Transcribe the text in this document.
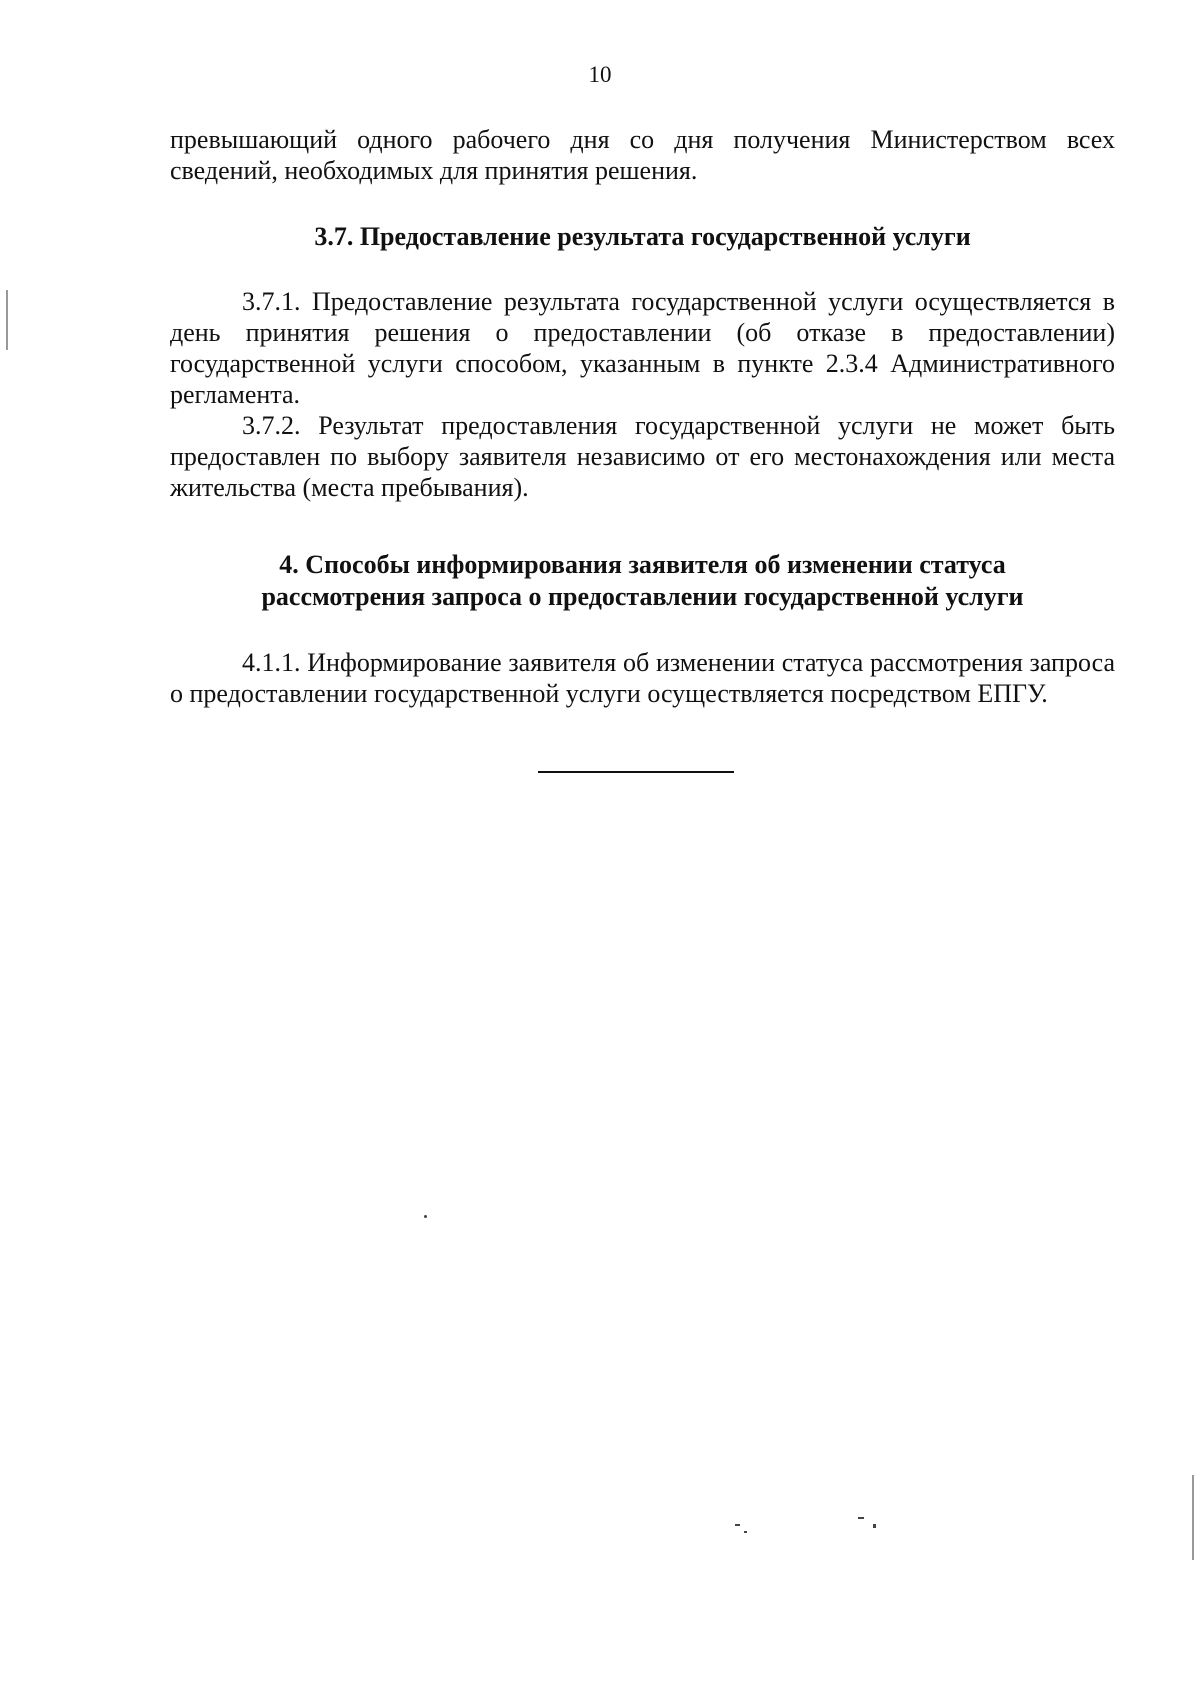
10

превышающий одного рабочего дня со дня получения Министерством всех сведений, необходимых для принятия решения.

3.7. Предоставление результата государственной услуги

3.7.1. Предоставление результата государственной услуги осуществляется в день принятия решения о предоставлении (об отказе в предоставлении) государственной услуги способом, указанным в пункте 2.3.4 Административного регламента.

3.7.2. Результат предоставления государственной услуги не может быть предоставлен по выбору заявителя независимо от его местонахождения или места жительства (места пребывания).

4. Способы информирования заявителя об изменении статуса
рассмотрения запроса о предоставлении государственной услуги

4.1.1. Информирование заявителя об изменении статуса рассмотрения запроса о предоставлении государственной услуги осуществляется посредством ЕПГУ.
